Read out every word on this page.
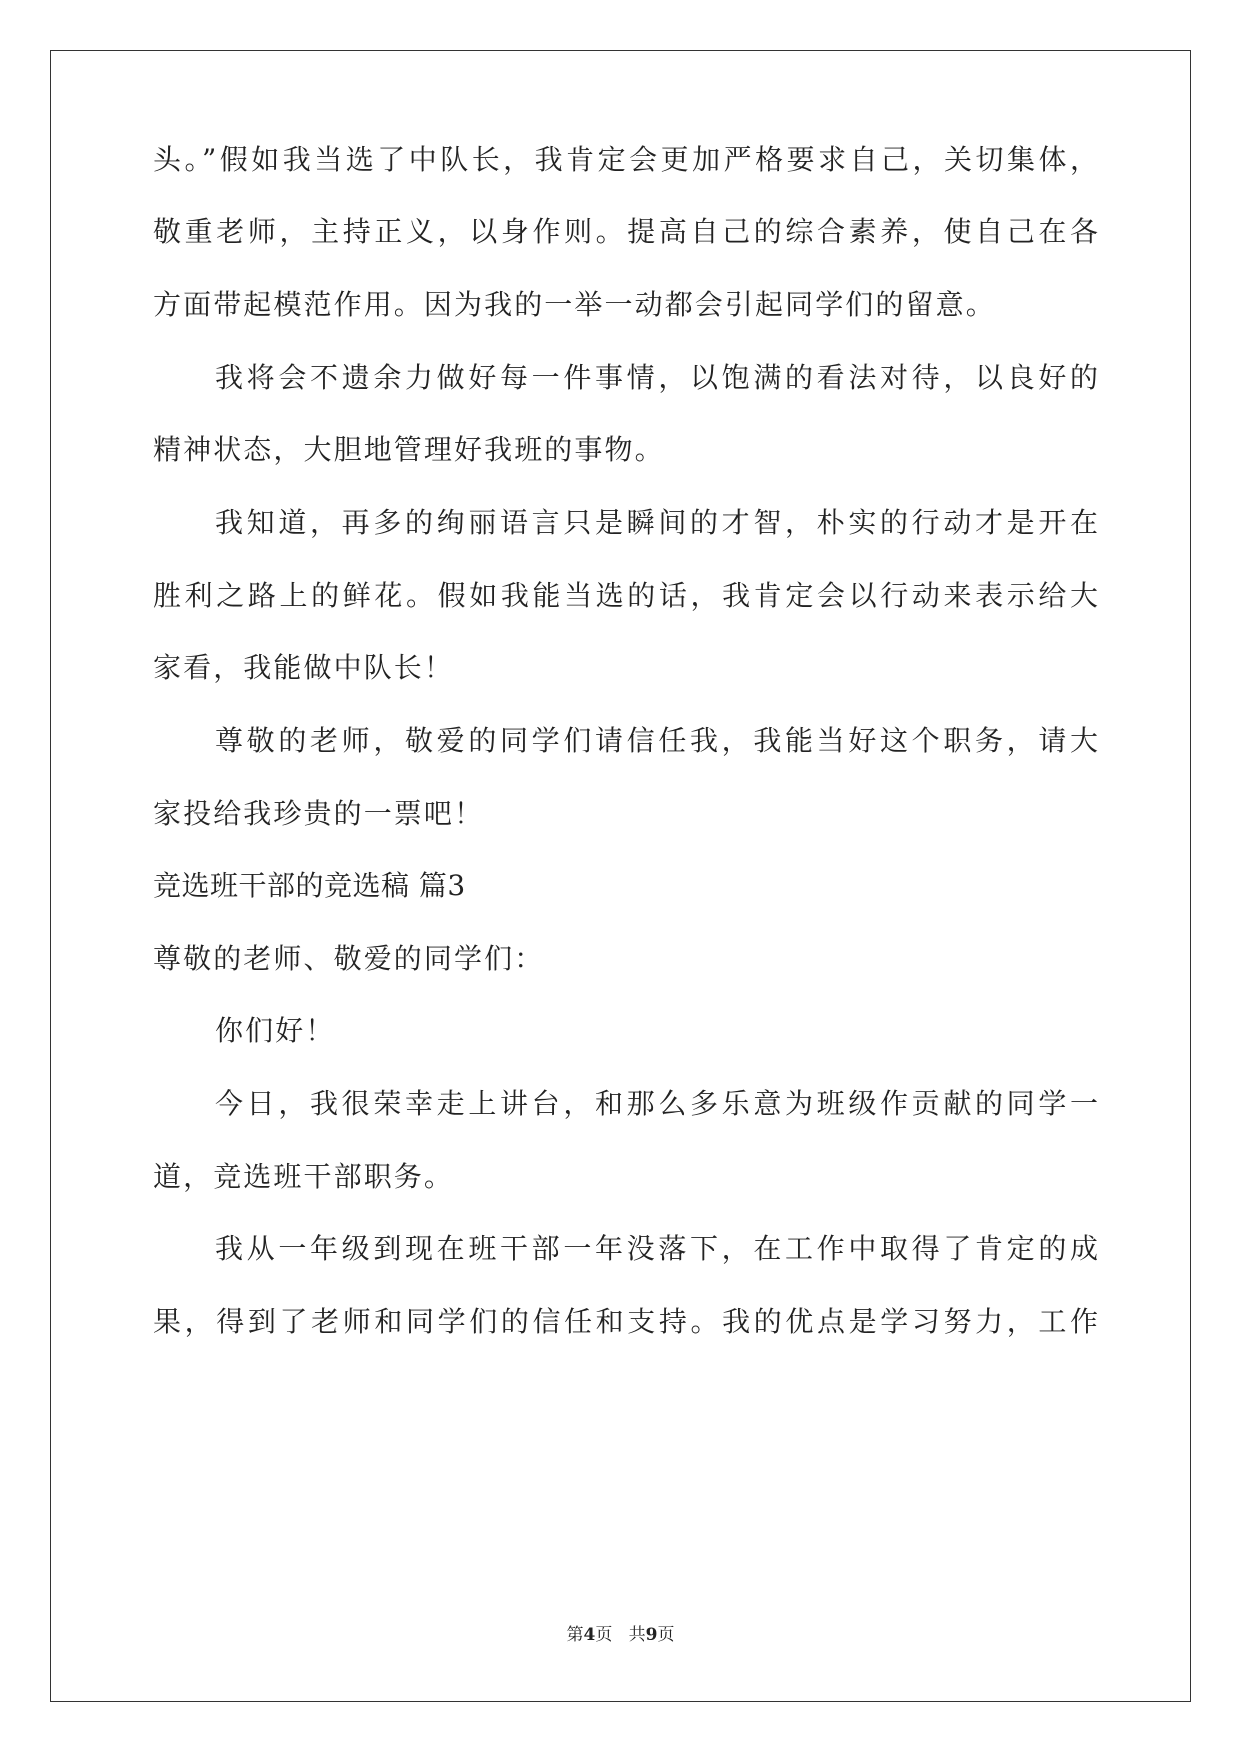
头。”假如我当选了中队长，我肯定会更加严格要求自己，关切集体，
敬重老师，主持正义，以身作则。提高自己的综合素养，使自己在各
方面带起模范作用。因为我的一举一动都会引起同学们的留意。
我将会不遗余力做好每一件事情，以饱满的看法对待，以良好的
精神状态，大胆地管理好我班的事物。
我知道，再多的绚丽语言只是瞬间的才智，朴实的行动才是开在
胜利之路上的鲜花。假如我能当选的话，我肯定会以行动来表示给大
家看，我能做中队长！
尊敬的老师，敬爱的同学们请信任我，我能当好这个职务，请大
家投给我珍贵的一票吧！
竞选班干部的竞选稿 篇3
尊敬的老师、敬爱的同学们：
你们好！
今日，我很荣幸走上讲台，和那么多乐意为班级作贡献的同学一
道，竞选班干部职务。
我从一年级到现在班干部一年没落下，在工作中取得了肯定的成
果，得到了老师和同学们的信任和支持。我的优点是学习努力，工作
第4页 共9页
